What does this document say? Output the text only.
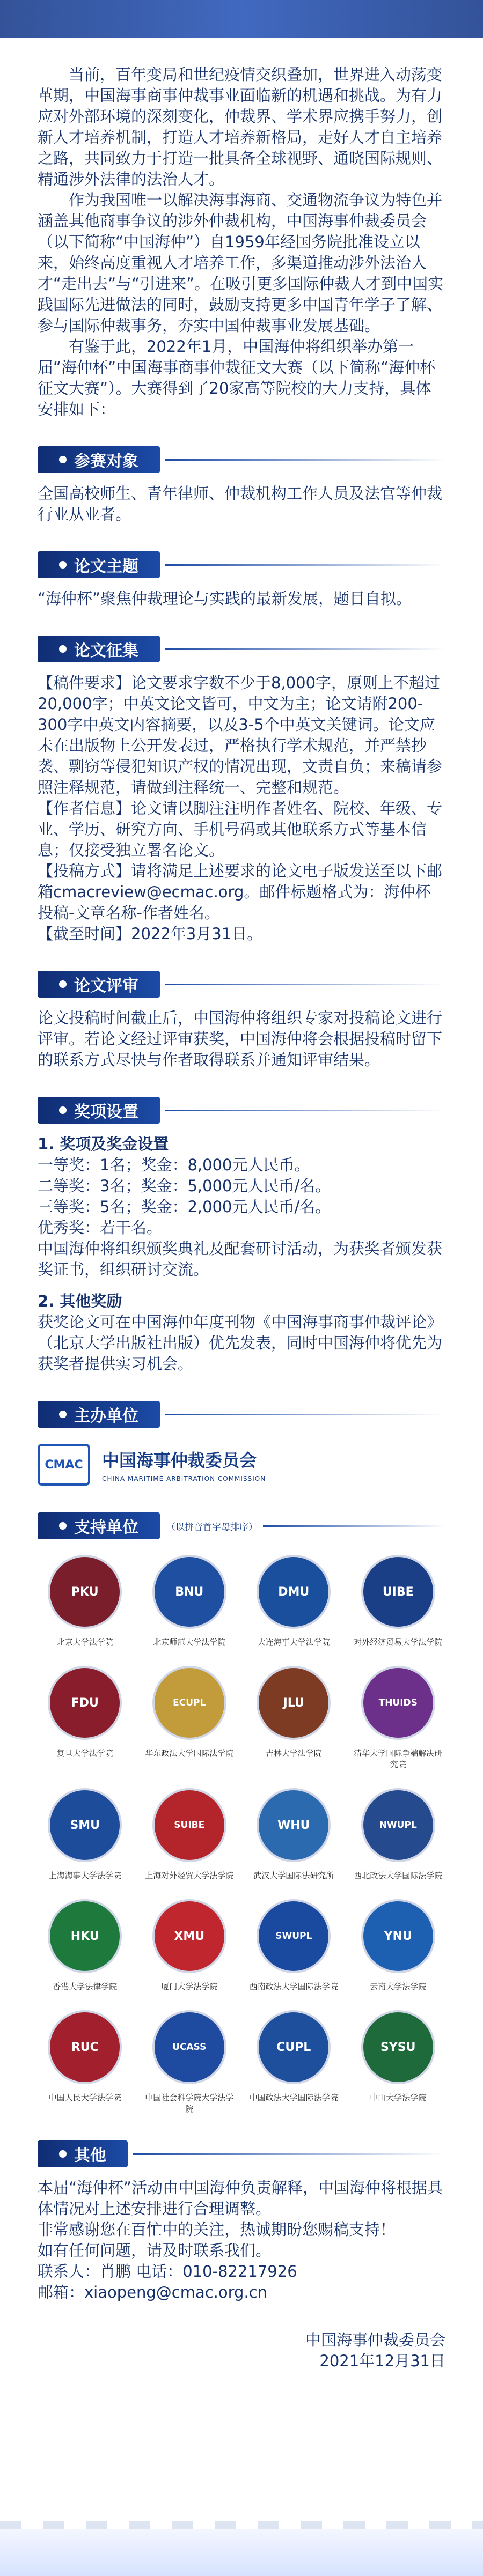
当前，百年变局和世纪疫情交织叠加，世界进入动荡变革期，中国海事商事仲裁事业面临新的机遇和挑战。为有力应对外部环境的深刻变化，仲裁界、学术界应携手努力，创新人才培养机制，打造人才培养新格局，走好人才自主培养之路，共同致力于打造一批具备全球视野、通晓国际规则、精通涉外法律的法治人才。

作为我国唯一以解决海事海商、交通物流争议为特色并涵盖其他商事争议的涉外仲裁机构，中国海事仲裁委员会（以下简称“中国海仲”）自1959年经国务院批准设立以来，始终高度重视人才培养工作，多渠道推动涉外法治人才“走出去”与“引进来”。在吸引更多国际仲裁人才到中国实践国际先进做法的同时，鼓励支持更多中国青年学子了解、参与国际仲裁事务，夯实中国仲裁事业发展基础。

有鉴于此，2022年1月，中国海仲将组织举办第一届“海仲杯”中国海事商事仲裁征文大赛（以下简称“海仲杯征文大赛”）。大赛得到了20家高等院校的大力支持，具体安排如下：

参赛对象

全国高校师生、青年律师、仲裁机构工作人员及法官等仲裁行业从业者。

论文主题

“海仲杯”聚焦仲裁理论与实践的最新发展，题目自拟。

论文征集

【稿件要求】论文要求字数不少于8,000字，原则上不超过20,000字；中英文论文皆可，中文为主；论文请附200-300字中英文内容摘要，以及3-5个中英文关键词。论文应未在出版物上公开发表过，严格执行学术规范，并严禁抄袭、剽窃等侵犯知识产权的情况出现，文责自负；来稿请参照注释规范，请做到注释统一、完整和规范。

【作者信息】论文请以脚注注明作者姓名、院校、年级、专业、学历、研究方向、手机号码或其他联系方式等基本信息；仅接受独立署名论文。

【投稿方式】请将满足上述要求的论文电子版发送至以下邮箱cmacreview@ecmac.org。邮件标题格式为：海仲杯投稿-文章名称-作者姓名。

【截至时间】2022年3月31日。

论文评审

论文投稿时间截止后，中国海仲将组织专家对投稿论文进行评审。若论文经过评审获奖，中国海仲将会根据投稿时留下的联系方式尽快与作者取得联系并通知评审结果。

奖项设置

1. 奖项及奖金设置

一等奖：1名；奖金：8,000元人民币。

二等奖：3名；奖金：5,000元人民币/名。

三等奖：5名；奖金：2,000元人民币/名。

优秀奖：若干名。

中国海仲将组织颁奖典礼及配套研讨活动，为获奖者颁发获奖证书，组织研讨交流。

2. 其他奖励

获奖论文可在中国海仲年度刊物《中国海事商事仲裁评论》（北京大学出版社出版）优先发表，同时中国海仲将优先为获奖者提供实习机会。

主办单位
CMAC	中国海事仲裁委员会
CHINA MARITIME ARBITRATION COMMISSION
支持单位	（以拼音首字母排序）
PKU
北京大学法学院
BNU
北京师范大学法学院
DMU
大连海事大学法学院
UIBE
对外经济贸易大学法学院
FDU
复旦大学法学院
ECUPL
华东政法大学国际法学院
JLU
吉林大学法学院
THUIDS
清华大学国际争端解决研究院
SMU
上海海事大学法学院
SUIBE
上海对外经贸大学法学院
WHU
武汉大学国际法研究所
NWUPL
西北政法大学国际法学院
HKU
香港大学法律学院
XMU
厦门大学法学院
SWUPL
西南政法大学国际法学院
YNU
云南大学法学院
RUC
中国人民大学法学院
UCASS
中国社会科学院大学法学院
CUPL
中国政法大学国际法学院
SYSU
中山大学法学院
其他

本届“海仲杯”活动由中国海仲负责解释，中国海仲将根据具体情况对上述安排进行合理调整。

非常感谢您在百忙中的关注，热诚期盼您赐稿支持！

如有任何问题，请及时联系我们。

联系人：肖鹏 电话：010-82217926

邮箱：xiaopeng@cmac.org.cn

中国海事仲裁委员会

2021年12月31日
